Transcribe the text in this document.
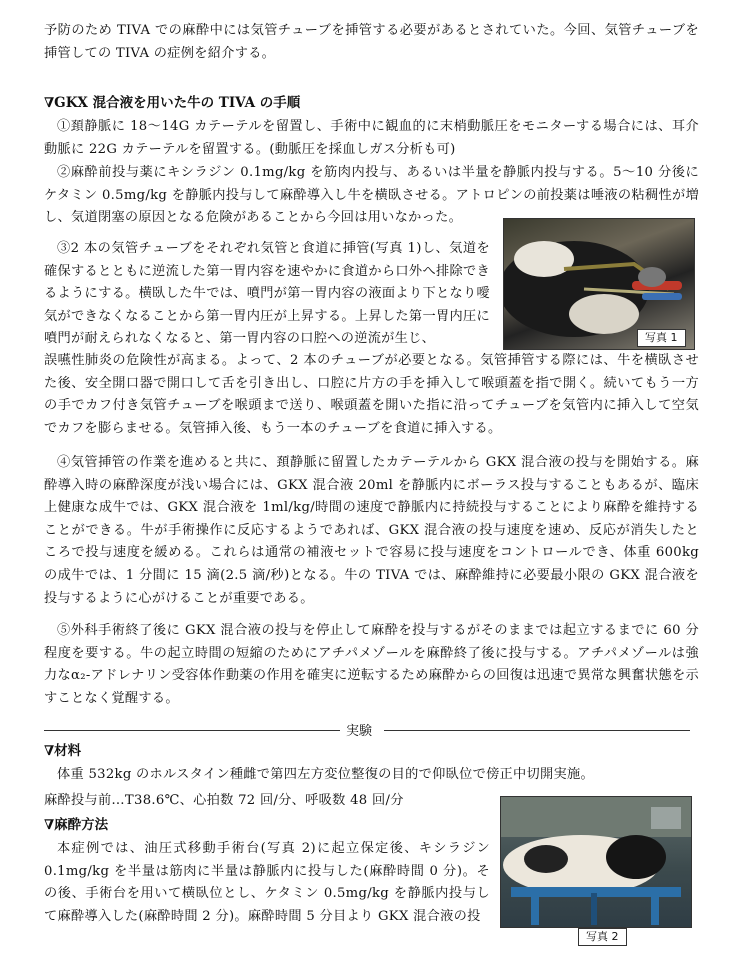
予防のため TIVA での麻酔中には気管チューブを挿管する必要があるとされていた。今回、気管チューブを挿管しての TIVA の症例を紹介する。
∇GKX 混合液を用いた牛の TIVA の手順
①頚静脈に 18～14G カテーテルを留置し、手術中に観血的に末梢動脈圧をモニターする場合には、耳介動脈に 22G カテーテルを留置する。(動脈圧を採血しガス分析も可)
②麻酔前投与薬にキシラジン 0.1mg/kg を筋肉内投与、あるいは半量を静脈内投与する。5～10 分後にケタミン 0.5mg/kg を静脈内投与して麻酔導入し牛を横臥させる。アトロピンの前投薬は唾液の粘稠性が増し、気道閉塞の原因となる危険があることから今回は用いなかった。
③2 本の気管チューブをそれぞれ気管と食道に挿管(写真 1)し、気道を確保するとともに逆流した第一胃内容を速やかに食道から口外へ排除できるようにする。横臥した牛では、噴門が第一胃内容の液面より下となり噯気ができなくなることから第一胃内圧が上昇する。上昇した第一胃内圧に噴門が耐えられなくなると、第一胃内容の口腔への逆流が生じ、
誤嚥性肺炎の危険性が高まる。よって、2 本のチューブが必要となる。気管挿管する際には、牛を横臥させた後、安全開口器で開口して舌を引き出し、口腔に片方の手を挿入して喉頭蓋を指で開く。続いてもう一方の手でカフ付き気管チューブを喉頭まで送り、喉頭蓋を開いた指に沿ってチューブを気管内に挿入して空気でカフを膨らませる。気管挿入後、もう一本のチューブを食道に挿入する。
④気管挿管の作業を進めると共に、頚静脈に留置したカテーテルから GKX 混合液の投与を開始する。麻酔導入時の麻酔深度が浅い場合には、GKX 混合液 20ml を静脈内にボーラス投与することもあるが、臨床上健康な成牛では、GKX 混合液を 1ml/kg/時間の速度で静脈内に持続投与することにより麻酔を維持することができる。牛が手術操作に反応するようであれば、GKX 混合液の投与速度を速め、反応が消失したところで投与速度を緩める。これらは通常の補液セットで容易に投与速度をコントロールでき、体重 600kg の成牛では、1 分間に 15 滴(2.5 滴/秒)となる。牛の TIVA では、麻酔維持に必要最小限の GKX 混合液を投与するように心がけることが重要である。
⑤外科手術終了後に GKX 混合液の投与を停止して麻酔を投与するがそのままでは起立するまでに 60 分程度を要する。牛の起立時間の短縮のためにアチパメゾールを麻酔終了後に投与する。アチパメゾールは強力なα₂-アドレナリン受容体作動薬の作用を確実に逆転するため麻酔からの回復は迅速で異常な興奮状態を示すことなく覚醒する。
写真 1
実験
∇材料
体重 532kg のホルスタイン種雌で第四左方変位整復の目的で仰臥位で傍正中切開実施。
麻酔投与前…T38.6℃、心拍数 72 回/分、呼吸数 48 回/分
∇麻酔方法
本症例では、油圧式移動手術台(写真 2)に起立保定後、キシラジン 0.1mg/kg を半量は筋肉に半量は静脈内に投与した(麻酔時間 0 分)。その後、手術台を用いて横臥位とし、ケタミン 0.5mg/kg を静脈内投与して麻酔導入した(麻酔時間 2 分)。麻酔時間 5 分目より GKX 混合液の投
写真 2
